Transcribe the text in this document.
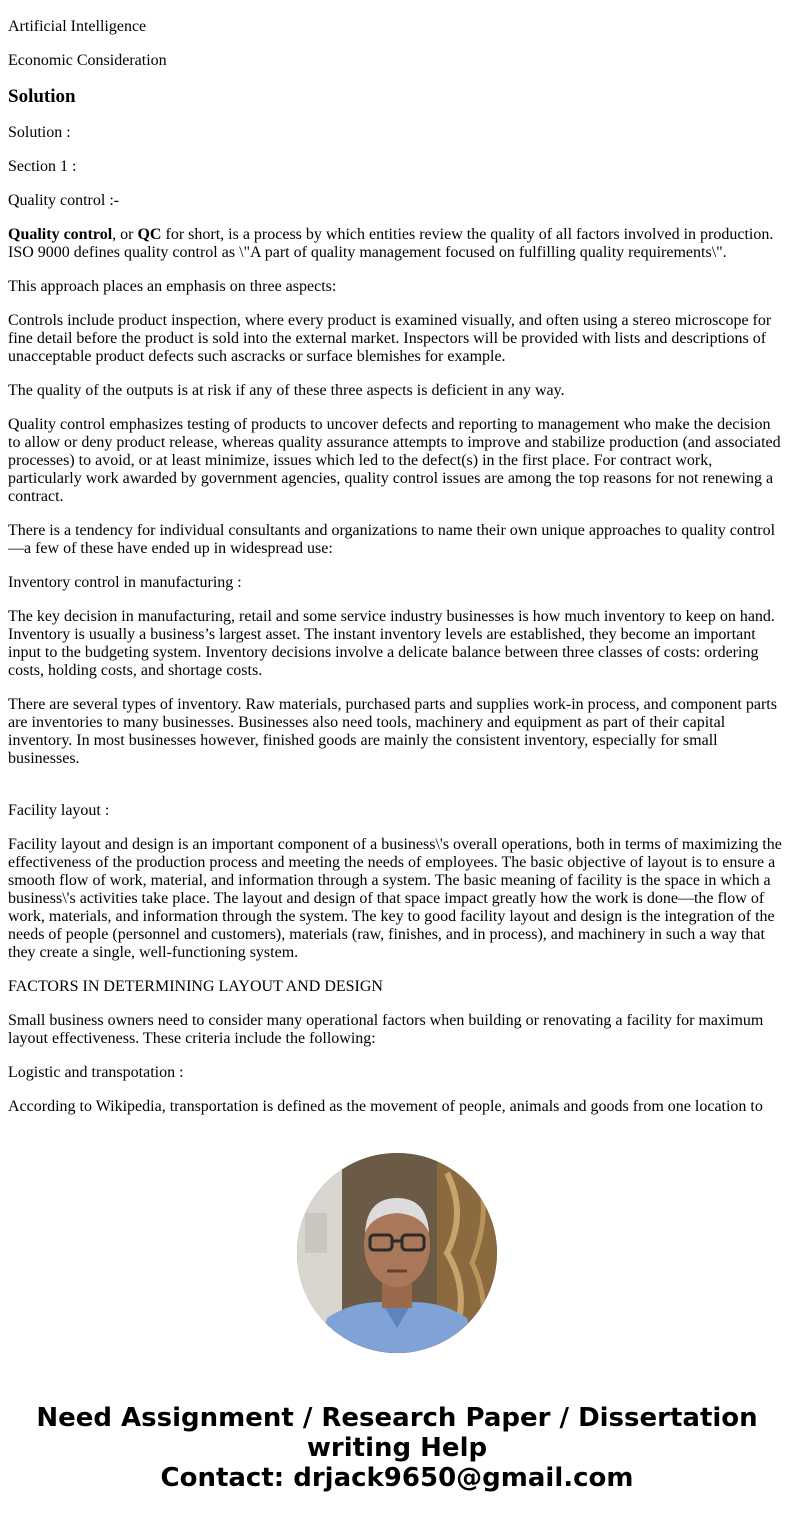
Artificial Intelligence

Economic Consideration

Solution

Solution :

Section 1 :

Quality control :-

Quality control, or QC for short, is a process by which entities review the quality of all factors involved in production. ISO 9000 defines quality control as \"A part of quality management focused on fulfilling quality requirements\".

This approach places an emphasis on three aspects:

Controls include product inspection, where every product is examined visually, and often using a stereo microscope for fine detail before the product is sold into the external market. Inspectors will be provided with lists and descriptions of unacceptable product defects such ascracks or surface blemishes for example.

The quality of the outputs is at risk if any of these three aspects is deficient in any way.

Quality control emphasizes testing of products to uncover defects and reporting to management who make the decision to allow or deny product release, whereas quality assurance attempts to improve and stabilize production (and associated processes) to avoid, or at least minimize, issues which led to the defect(s) in the first place. For contract work, particularly work awarded by government agencies, quality control issues are among the top reasons for not renewing a contract.

There is a tendency for individual consultants and organizations to name their own unique approaches to quality control—a few of these have ended up in widespread use:

Inventory control in manufacturing :

The key decision in manufacturing, retail and some service industry businesses is how much inventory to keep on hand. Inventory is usually a business’s largest asset. The instant inventory levels are established, they become an important input to the budgeting system. Inventory decisions involve a delicate balance between three classes of costs: ordering costs, holding costs, and shortage costs.

There are several types of inventory. Raw materials, purchased parts and supplies work-in process, and component parts are inventories to many businesses. Businesses also need tools, machinery and equipment as part of their capital inventory. In most businesses however, finished goods are mainly the consistent inventory, especially for small businesses.

Facility layout :

Facility layout and design is an important component of a business\'s overall operations, both in terms of maximizing the effectiveness of the production process and meeting the needs of employees. The basic objective of layout is to ensure a smooth flow of work, material, and information through a system. The basic meaning of facility is the space in which a business\'s activities take place. The layout and design of that space impact greatly how the work is done—the flow of work, materials, and information through the system. The key to good facility layout and design is the integration of the needs of people (personnel and customers), materials (raw, finishes, and in process), and machinery in such a way that they create a single, well-functioning system.

FACTORS IN DETERMINING LAYOUT AND DESIGN

Small business owners need to consider many operational factors when building or renovating a facility for maximum layout effectiveness. These criteria include the following:

Logistic and transpotation :

According to Wikipedia, transportation is defined as the movement of people, animals and goods from one location to

Need Assignment / Research Paper / Dissertation
writing Help
Contact: drjack9650@gmail.com
